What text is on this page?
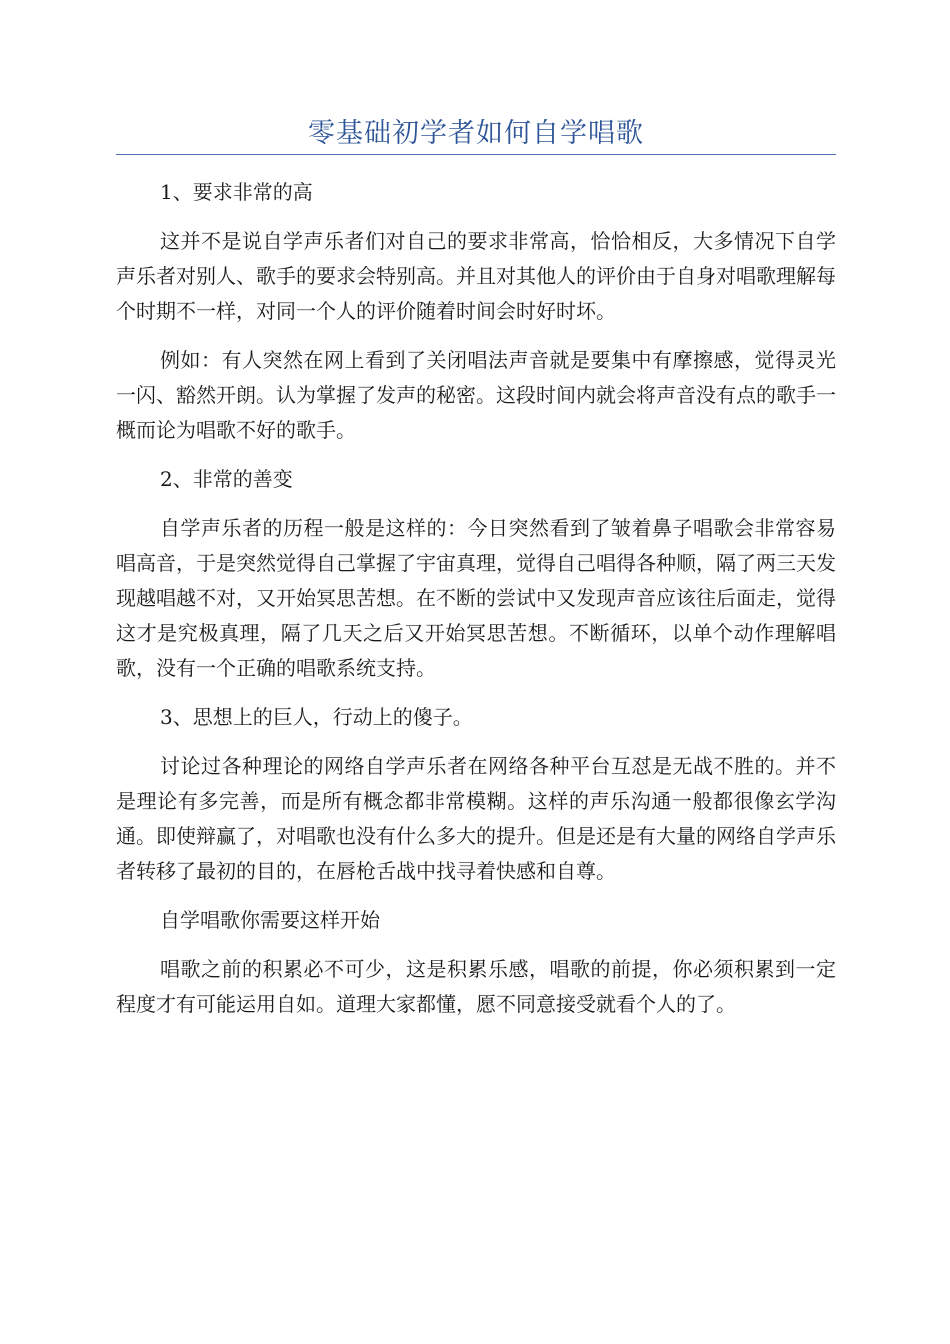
零基础初学者如何自学唱歌

1、要求非常的高

这并不是说自学声乐者们对自己的要求非常高，恰恰相反，大多情况下自学声乐者对别人、歌手的要求会特别高。并且对其他人的评价由于自身对唱歌理解每个时期不一样，对同一个人的评价随着时间会时好时坏。

例如：有人突然在网上看到了关闭唱法声音就是要集中有摩擦感，觉得灵光一闪、豁然开朗。认为掌握了发声的秘密。这段时间内就会将声音没有点的歌手一概而论为唱歌不好的歌手。

2、非常的善变

自学声乐者的历程一般是这样的：今日突然看到了皱着鼻子唱歌会非常容易唱高音，于是突然觉得自己掌握了宇宙真理，觉得自己唱得各种顺，隔了两三天发现越唱越不对，又开始冥思苦想。在不断的尝试中又发现声音应该往后面走，觉得这才是究极真理，隔了几天之后又开始冥思苦想。不断循环，以单个动作理解唱歌，没有一个正确的唱歌系统支持。

3、思想上的巨人，行动上的傻子。

讨论过各种理论的网络自学声乐者在网络各种平台互怼是无战不胜的。并不是理论有多完善，而是所有概念都非常模糊。这样的声乐沟通一般都很像玄学沟通。即使辩赢了，对唱歌也没有什么多大的提升。但是还是有大量的网络自学声乐者转移了最初的目的，在唇枪舌战中找寻着快感和自尊。

自学唱歌你需要这样开始

唱歌之前的积累必不可少，这是积累乐感，唱歌的前提，你必须积累到一定程度才有可能运用自如。道理大家都懂，愿不同意接受就看个人的了。
